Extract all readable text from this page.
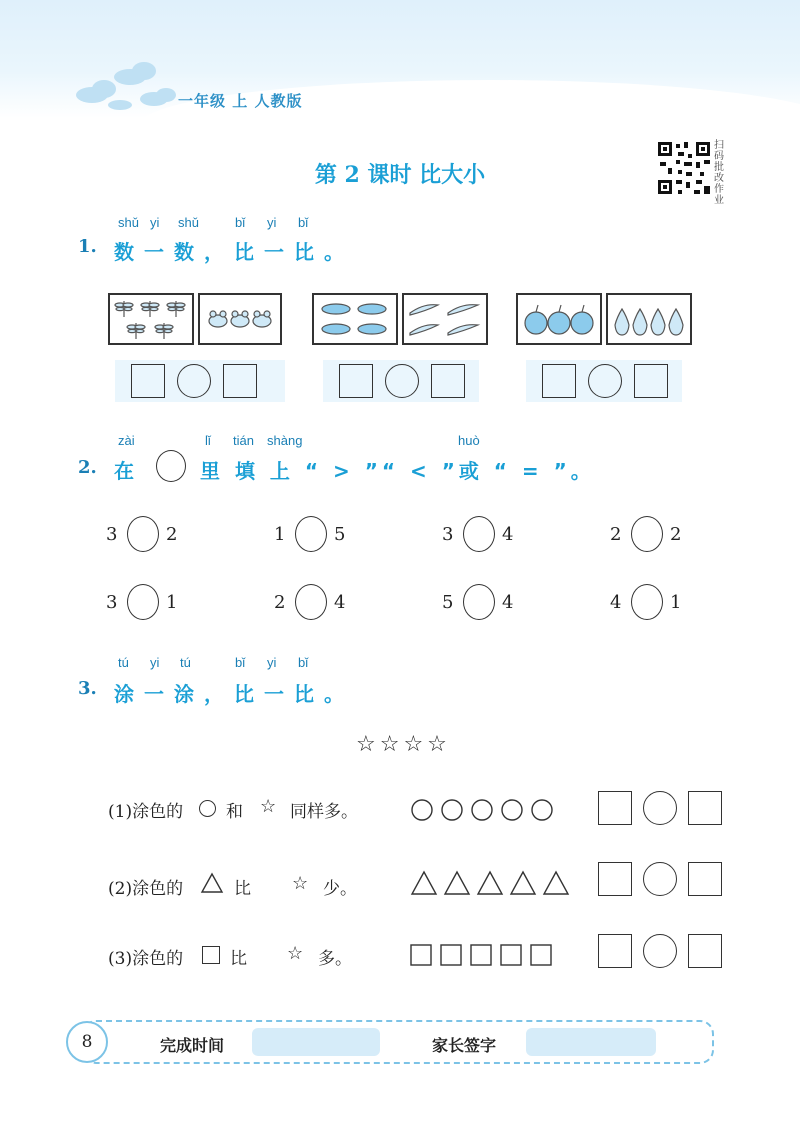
一年级 上 人教版
第 2 课时 比大小
扫码批改作业
shǔ yi shǔ	bǐ yi bǐ
1. 数一数，比一比。
zài	lǐ tián shàng	huò
2. 在	里 填 上 “ > ”“ < ”或 “ = ”。
3	2	1	5	3	4	2	2
3	1	2	4	5	4	4	1
tú yi tú	bǐ yi bǐ
3. 涂一涂，比一比。
☆☆☆☆
(1)涂色的	和 ☆ 同样多。
(2)涂色的	比 ☆ 少。
(3)涂色的	比 ☆ 多。
8	完成时间	家长签字
